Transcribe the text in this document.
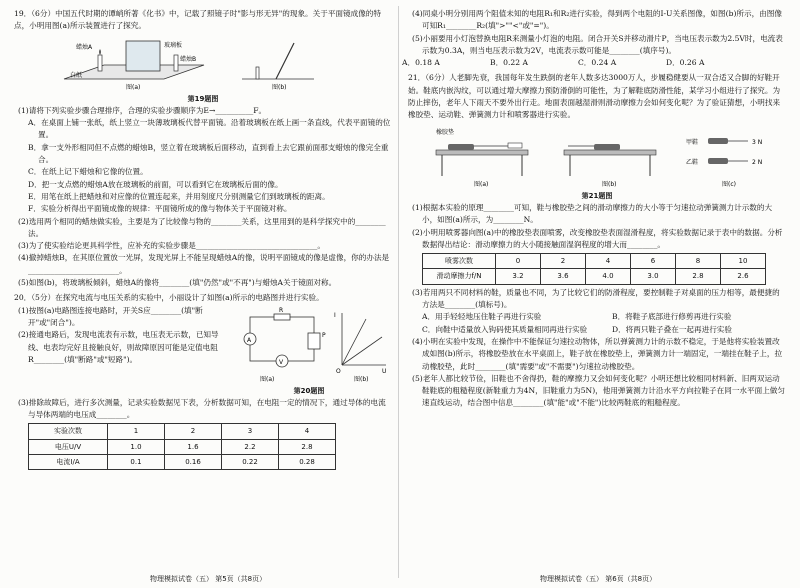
19．（6分）中国五代时期的谭峭所著《化书》中，记载了照镜子时"影与形无异"的现象。关于平面镜成像的特点，小明用图(a)所示装置进行了探究。

蜡烛A	玻璃板
蜡烛B
白纸
图(a)	图(b)

第19题图

(1)请将下列实验步骤合理排序，合理的实验步骤顺序为E→__________F。

A．在桌面上铺一张纸，纸上竖立一块薄玻璃板代替平面镜。沿着玻璃板在纸上画一条直线，代表平面镜的位置。

B．拿一支外形相同但不点燃的蜡烛B，竖立着在玻璃板后面移动，直到看上去它跟前面那支蜡烛的像完全重合。

C．在纸上记下蜡烛和它像的位置。

D．把一支点燃的蜡烛A放在玻璃板的前面，可以看到它在玻璃板后面的像。

E．用笔在纸上把蜡烛和对应像的位置连起来，并用刻度尺分别测量它们到玻璃板的距离。

F．实验分析得出平面镜成像的规律：平面镜所成的像与物体关于平面镜对称。

(2)选用两个相同的蜡烛做实验，主要是为了比较像与物的________关系，这里用到的是科学探究中的________法。

(3)为了使实验结论更具科学性，应补充的实验步骤是________________________________。

(4)撤掉蜡烛B，在其原位置放一光屏，发现光屏上不能呈现蜡烛A的像，说明平面镜成的像是虚像，你的办法是________________________。

(5)如图(b)，将玻璃板倾斜，蜡烛A的像将________(填"仍然"或"不再")与蜡烛A关于镜面对称。

20．（5分）在探究电流与电压关系的实验中，小丽设计了如图(a)所示的电路图并进行实验。

(1)按图(a)电路图连接电路时，开关S应________(填"断开"或"闭合")。

(2)接通电路后，发现电流表有示数，电压表无示数，已知导线、电表均完好且接触良好，则故障原因可能是定值电阻R________(填"断路"或"短路")。

A
V
R
P
图(a)
I
U
O
图(b)

第20题图

(3)排除故障后，进行多次测量，记录实验数据见下表，分析数据可知，在电阻一定的情况下，通过导体的电流与导体两端的电压成________。

实验次数	1	2	3	4
电压U/V	1.0	1.6	2.2	2.8
电流I/A	0.1	0.16	0.22	0.28
物理模拟试卷（五） 第5页（共8页）

(4)同桌小明分别用两个阻值未知的电阻R₁和R₂进行实验，得到两个电阻的I-U关系图像，如图(b)所示，由图像可知R₁________R₂(填">""<"或"=")。

(5)小丽要用小灯泡替换电阻R来测量小灯泡的电阻。闭合开关S并移动滑片P，当电压表示数为2.5V时，电流表示数为0.3A，则当电压表示数为2V，电流表示数可能是________(填序号)。

A．0.18 A	B．0.22 A	C．0.24 A	D．0.26 A

21．（6分）人老脚先衰，我国每年发生跌倒的老年人数多达3000万人，步履稳健要从一双合适又合脚的好鞋开始。鞋底内嵌沟纹，可以通过增大摩擦力预防滑倒的可能性，为了解鞋底防滑性能，某学习小组进行了探究。为防止摔伤，老年人下雨天不要外出行走。地面表面越湿滑则滑动摩擦力会如何变化呢？为了验证猜想，小明找来橡胶垫、运动鞋、弹簧测力计和喷雾器进行实验。

橡胶垫
图(a)	图(b)
甲鞋
乙鞋
3 N
2 N
图(c)

第21题图

(1)根据本实验的原理________可知，鞋与橡胶垫之间的滑动摩擦力的大小等于匀速拉动弹簧测力计示数的大小，如图(a)所示，为________N。

(2)小明用喷雾器向图(a)中的橡胶垫表面喷雾，改变橡胶垫表面湿滑程度，将实验数据记录于表中的数据。分析数据得出结论：滑动摩擦力的大小随接触面湿润程度的增大而________。

喷雾次数	0	2	4	6	8	10
滑动摩擦力f/N	3.2	3.6	4.0	3.0	2.8	2.6

(3)若用两只不同材料的鞋，质量也不同，为了比较它们的防滑程度，要控制鞋子对桌面的压力相等，最便捷的方法是________(填标号)。

A．用手轻轻地压住鞋子再进行实验	B．将鞋子底部进行修剪再进行实验

C．向鞋中适量放入钩码使其质量相同再进行实验	D．将两只鞋子叠在一起再进行实验

(4)小明在实验中发现，在操作中不能保证匀速拉动物体，所以弹簧测力计的示数不稳定，于是他将实验装置改成如图(b)所示，将橡胶垫放在水平桌面上，鞋子放在橡胶垫上，弹簧测力计一端固定，一端挂在鞋子上，拉动橡胶垫，此时________(填"需要"或"不需要")匀速拉动橡胶垫。

(5)老年人都比较节俭，旧鞋也不舍得扔，鞋的摩擦力又会如何变化呢？小明还想比较相同材料新、旧两双运动鞋鞋底的粗糙程度(新鞋重力为4N，旧鞋重力为5N)，他用弹簧测力计沿水平方向拉鞋子在同一水平面上做匀速直线运动，结合图中信息________(填"能"或"不能")比较两鞋底的粗糙程度。

物理模拟试卷（五） 第6页（共8页）
